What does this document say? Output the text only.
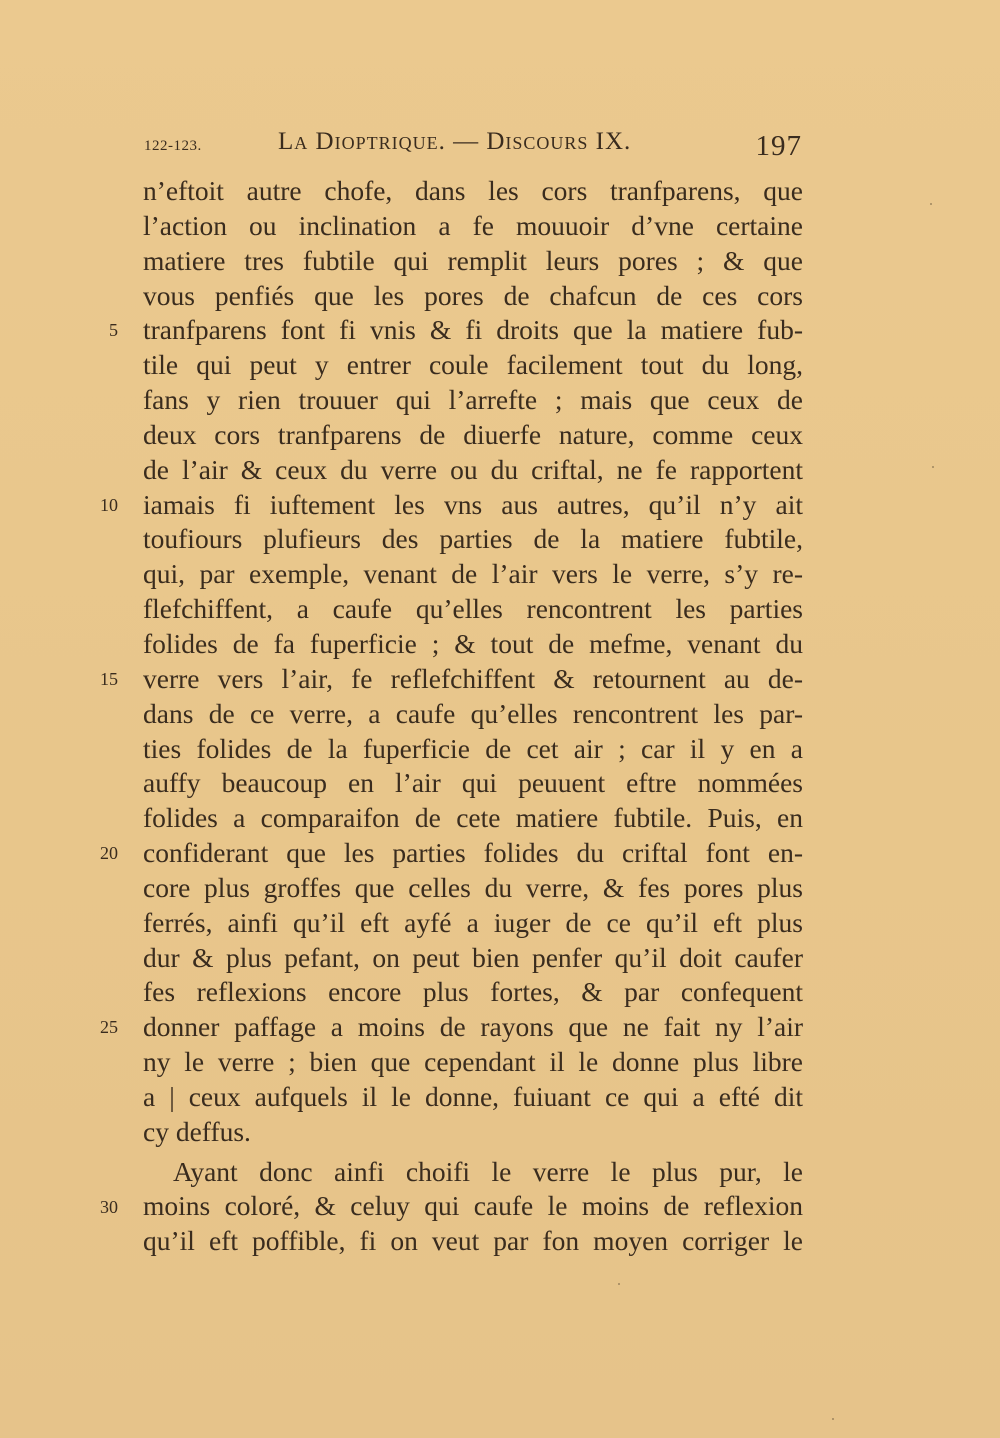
122-123.	La Dioptrique. — Discours IX.	197
5
10
15
20
25
30
n’eftoit autre chofe, dans les cors tranfparens, que
l’action ou inclination a fe mouuoir d’vne certaine
matiere tres fubtile qui remplit leurs pores ; & que
vous penfiés que les pores de chafcun de ces cors
tranfparens font fi vnis & fi droits que la matiere fub-
tile qui peut y entrer coule facilement tout du long,
fans y rien trouuer qui l’arrefte ; mais que ceux de
deux cors tranfparens de diuerfe nature, comme ceux
de l’air & ceux du verre ou du criftal, ne fe rapportent
iamais fi iuftement les vns aus autres, qu’il n’y ait
toufiours plufieurs des parties de la matiere fubtile,
qui, par exemple, venant de l’air vers le verre, s’y re-
flefchiffent, a caufe qu’elles rencontrent les parties
folides de fa fuperficie ; & tout de mefme, venant du
verre vers l’air, fe reflefchiffent & retournent au de-
dans de ce verre, a caufe qu’elles rencontrent les par-
ties folides de la fuperficie de cet air ; car il y en a
auffy beaucoup en l’air qui peuuent eftre nommées
folides a comparaifon de cete matiere fubtile. Puis, en
confiderant que les parties folides du criftal font en-
core plus groffes que celles du verre, & fes pores plus
ferrés, ainfi qu’il eft ayfé a iuger de ce qu’il eft plus
dur & plus pefant, on peut bien penfer qu’il doit caufer
fes reflexions encore plus fortes, & par confequent
donner paffage a moins de rayons que ne fait ny l’air
ny le verre ; bien que cependant il le donne plus libre
a | ceux aufquels il le donne, fuiuant ce qui a efté dit
cy deffus.
Ayant donc ainfi choifi le verre le plus pur, le
moins coloré, & celuy qui caufe le moins de reflexion
qu’il eft poffible, fi on veut par fon moyen corriger le
